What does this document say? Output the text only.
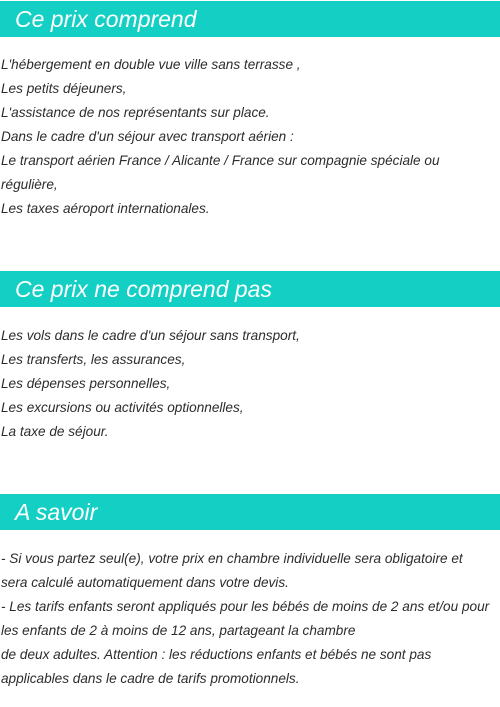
Ce prix comprend
L'hébergement en double vue ville sans terrasse ,
Les petits déjeuners,
L'assistance de nos représentants sur place.
Dans le cadre d'un séjour avec transport aérien :
Le transport aérien France / Alicante / France sur compagnie spéciale ou
régulière,
Les taxes aéroport internationales.
Ce prix ne comprend pas
Les vols dans le cadre d'un séjour sans transport,
Les transferts, les assurances,
Les dépenses personnelles,
Les excursions ou activités optionnelles,
La taxe de séjour.
A savoir
- Si vous partez seul(e), votre prix en chambre individuelle sera obligatoire et
sera calculé automatiquement dans votre devis.
- Les tarifs enfants seront appliqués pour les bébés de moins de 2 ans et/ou pour
les enfants de 2 à moins de 12 ans, partageant la chambre
de deux adultes. Attention : les réductions enfants et bébés ne sont pas
applicables dans le cadre de tarifs promotionnels.
